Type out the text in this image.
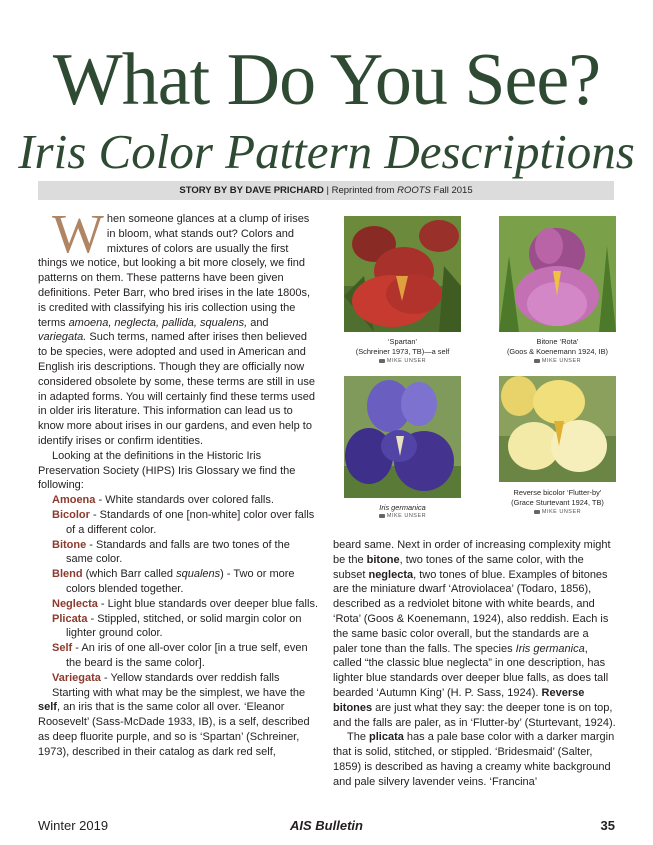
What Do You See?
Iris Color Pattern Descriptions
STORY BY BY DAVE PRICHARD | Reprinted from ROOTS Fall 2015

When someone glances at a clump of irises in bloom, what stands out? Colors and mixtures of colors are usually the first things we notice, but looking a bit more closely, we find patterns on them. These patterns have been given definitions. Peter Barr, who bred irises in the late 1800s, is credited with classifying his iris collection using the terms amoena, neglecta, pallida, squalens, and variegata. Such terms, named after irises then believed to be species, were adopted and used in American and English iris descriptions. Though they are officially now considered obsolete by some, these terms are still in use in adapted forms. You will certainly find these terms used in older iris literature. This information can lead us to know more about irises in our gardens, and even help to identify irises or confirm identities.

Looking at the definitions in the Historic Iris Preservation Society (HIPS) Iris Glossary we find the following:

Amoena - White standards over colored falls.
Bicolor - Standards of one [non-white] color over falls of a different color.
Bitone - Standards and falls are two tones of the same color.
Blend (which Barr called squalens) - Two or more colors blended together.
Neglecta - Light blue standards over deeper blue falls.
Plicata - Stippled, stitched, or solid margin color on lighter ground color.
Self - An iris of one all-over color [in a true self, even the beard is the same color].
Variegata - Yellow standards over reddish falls

Starting with what may be the simplest, we have the self, an iris that is the same color all over. ‘Eleanor Roosevelt’ (Sass-McDade 1933, IB), is a self, described as deep fluorite purple, and so is ‘Spartan’ (Schreiner, 1973), described in their catalog as dark red self,

‘Spartan’
(Schreiner 1973, TB)—a self
MIKE UNSER
Bitone ‘Rota’
(Goos & Koenemann 1924, IB)
MIKE UNSER
Iris germanica
MIKE UNSER
Reverse bicolor ‘Flutter-by’
(Grace Sturtevant 1924, TB)
MIKE UNSER

beard same. Next in order of increasing complexity might be the bitone, two tones of the same color, with the subset neglecta, two tones of blue. Examples of bitones are the miniature dwarf ‘Atroviolacea’ (Todaro, 1856), described as a redviolet bitone with white beards, and ‘Rota’ (Goos & Koenemann, 1924), also reddish. Each is the same basic color overall, but the standards are a paler tone than the falls. The species Iris germanica, called “the classic blue neglecta” in one description, has lighter blue standards over deeper blue falls, as does tall bearded ‘Autumn King’ (H. P. Sass, 1924). Reverse bitones are just what they say: the deeper tone is on top, and the falls are paler, as in ‘Flutter-by’ (Sturtevant, 1924).

The plicata has a pale base color with a darker margin that is solid, stitched, or stippled. ‘Bridesmaid’ (Salter, 1859) is described as having a creamy white background and pale silvery lavender veins. ‘Francina’

Winter 2019	AIS Bulletin	35
